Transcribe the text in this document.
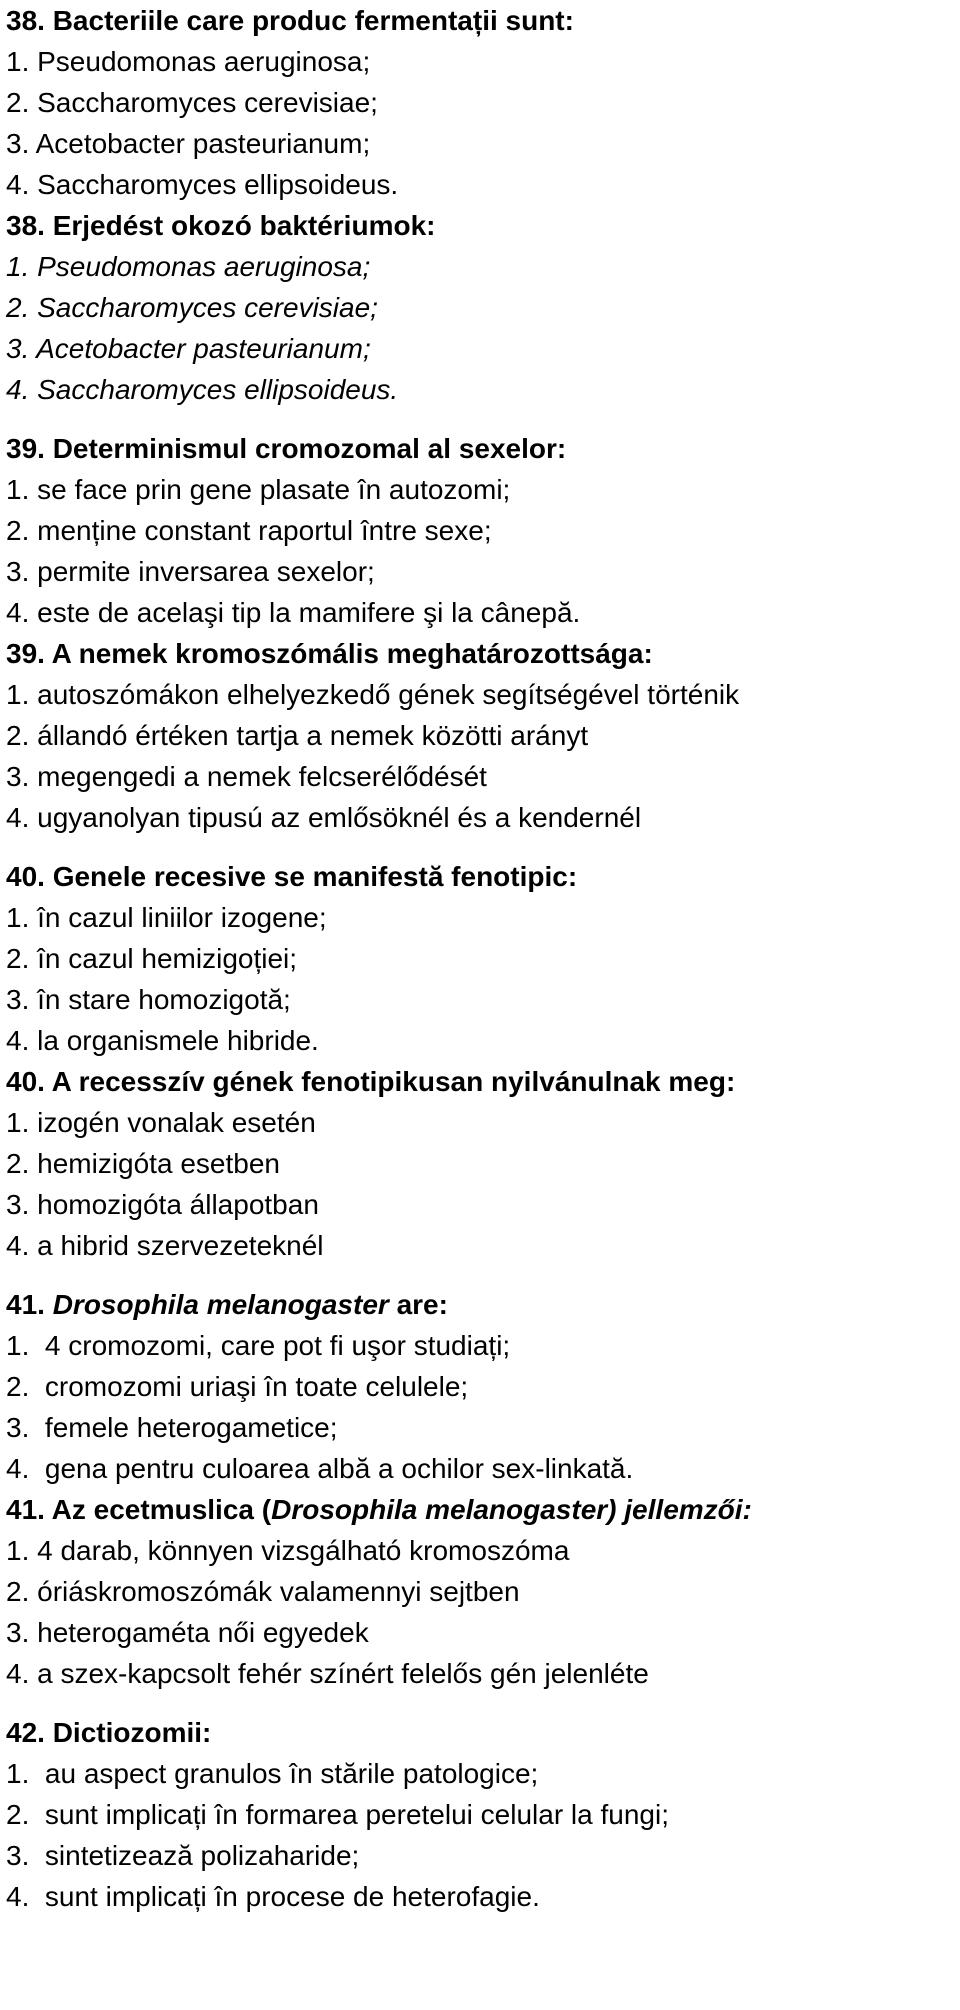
38. Bacteriile care produc fermentații sunt:

1. Pseudomonas aeruginosa;

2. Saccharomyces cerevisiae;

3. Acetobacter pasteurianum;

4. Saccharomyces ellipsoideus.

38. Erjedést okozó baktériumok:

1. Pseudomonas aeruginosa;

2. Saccharomyces cerevisiae;

3. Acetobacter pasteurianum;

4. Saccharomyces ellipsoideus.

39. Determinismul cromozomal al sexelor:

1. se face prin gene plasate în autozomi;

2. menține constant raportul între sexe;

3. permite inversarea sexelor;

4. este de acelaşi tip la mamifere şi la cânepă.

39. A nemek kromoszómális meghatározottsága:

1. autoszómákon elhelyezkedő gének segítségével történik

2. állandó értéken tartja a nemek közötti arányt

3. megengedi a nemek felcserélődését

4. ugyanolyan tipusú az emlősöknél és a kendernél

40. Genele recesive se manifestă fenotipic:

1. în cazul liniilor izogene;

2. în cazul hemizigoției;

3. în stare homozigotă;

4. la organismele hibride.

40. A recesszív gének fenotipikusan nyilvánulnak meg:

1. izogén vonalak esetén

2. hemizigóta esetben

3. homozigóta állapotban

4. a hibrid szervezeteknél

41. Drosophila melanogaster are:

1.  4 cromozomi, care pot fi uşor studiați;

2.  cromozomi uriaşi în toate celulele;

3.  femele heterogametice;

4.  gena pentru culoarea albă a ochilor sex-linkată.

41. Az ecetmuslica (Drosophila melanogaster) jellemzői:

1. 4 darab, könnyen vizsgálható kromoszóma

2. óriáskromoszómák valamennyi sejtben

3. heterogaméta női egyedek

4. a szex-kapcsolt fehér színért felelős gén jelenléte

42. Dictiozomii:

1.  au aspect granulos în stările patologice;

2.  sunt implicați în formarea peretelui celular la fungi;

3.  sintetizează polizaharide;

4.  sunt implicați în procese de heterofagie.
